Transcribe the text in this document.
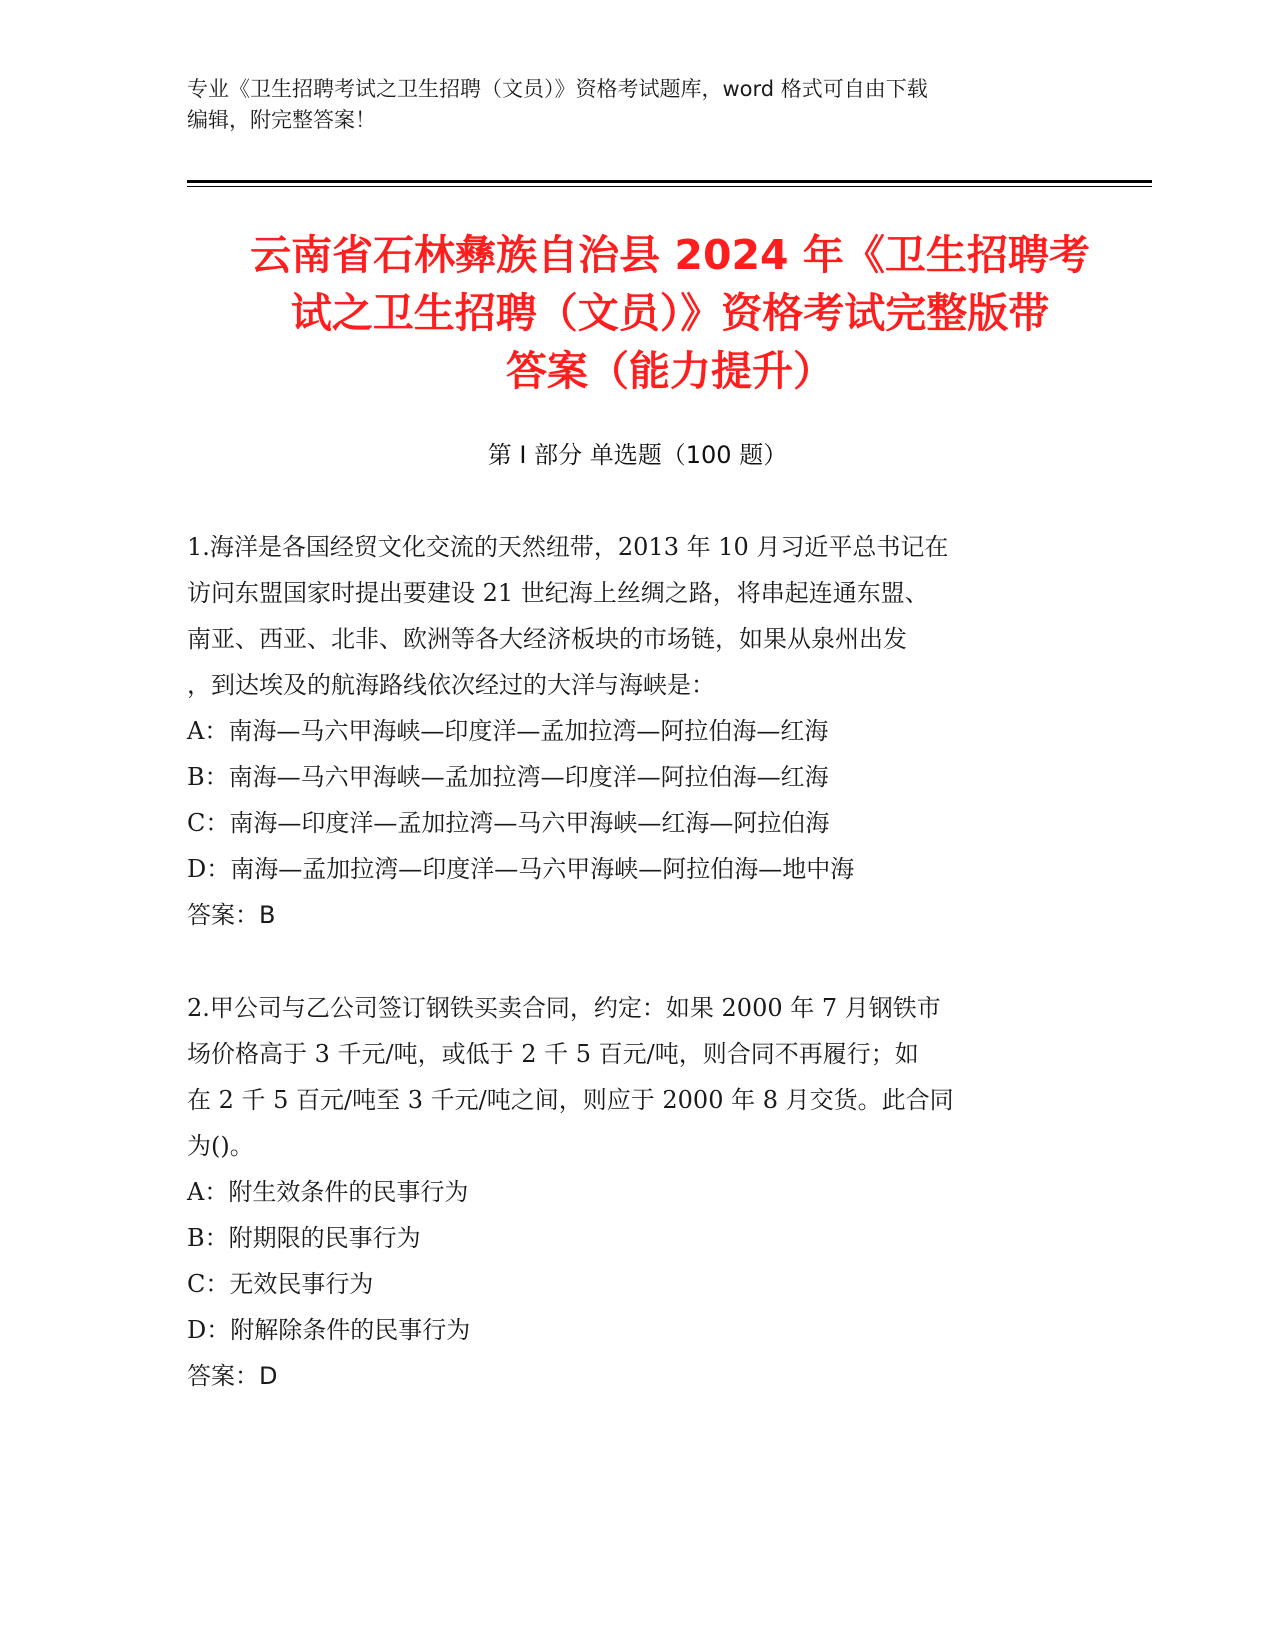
专业《卫生招聘考试之卫生招聘（文员）》资格考试题库，word 格式可自由下载
编辑，附完整答案！
云南省石林彝族自治县 2024 年《卫生招聘考
试之卫生招聘（文员）》资格考试完整版带
答案（能力提升）
第 I 部分 单选题（100 题）
1.海洋是各国经贸文化交流的天然纽带，2013 年 10 月习近平总书记在
访问东盟国家时提出要建设 21 世纪海上丝绸之路，将串起连通东盟、
南亚、西亚、北非、欧洲等各大经济板块的市场链，如果从泉州出发
，到达埃及的航海路线依次经过的大洋与海峡是：
A：南海—马六甲海峡—印度洋—孟加拉湾—阿拉伯海—红海
B：南海—马六甲海峡—孟加拉湾—印度洋—阿拉伯海—红海
C：南海—印度洋—孟加拉湾—马六甲海峡—红海—阿拉伯海
D：南海—孟加拉湾—印度洋—马六甲海峡—阿拉伯海—地中海
答案：B
2.甲公司与乙公司签订钢铁买卖合同，约定：如果 2000 年 7 月钢铁市
场价格高于 3 千元/吨，或低于 2 千 5 百元/吨，则合同不再履行；如
在 2 千 5 百元/吨至 3 千元/吨之间，则应于 2000 年 8 月交货。此合同
为()。
A：附生效条件的民事行为
B：附期限的民事行为
C：无效民事行为
D：附解除条件的民事行为
答案：D
